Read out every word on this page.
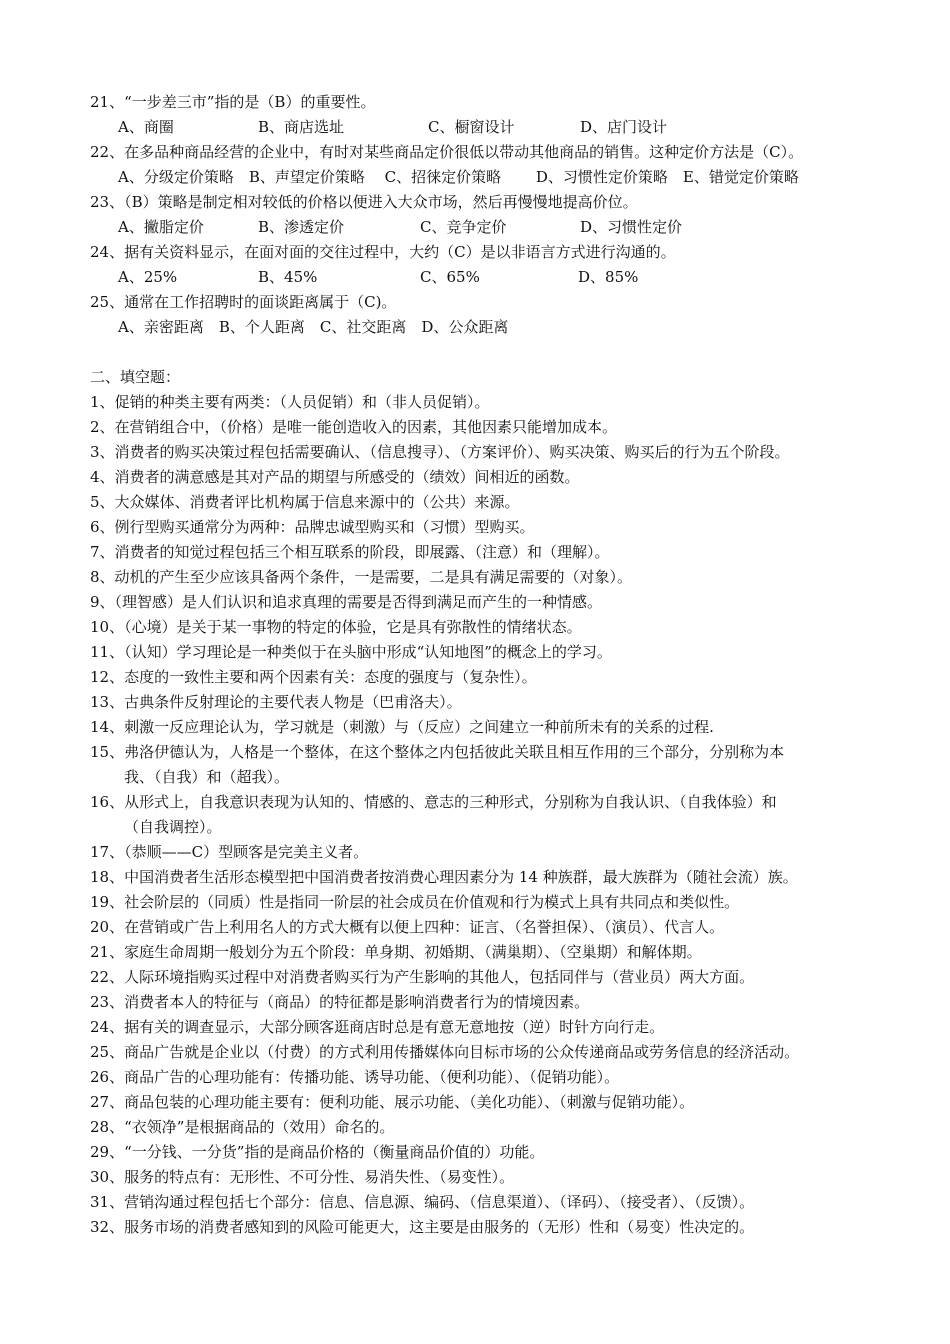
21、“一步差三市”指的是（B）的重要性。
A、商圈	B、商店选址	C、橱窗设计	D、店门设计
22、在多品种商品经营的企业中，有时对某些商品定价很低以带动其他商品的销售。这种定价方法是（C）。
A、分级定价策略　B、声望定价策略　 C、招徕定价策略　　 D、习惯性定价策略　E、错觉定价策略
23、（B）策略是制定相对较低的价格以便进入大众市场，然后再慢慢地提高价位。
A、撇脂定价	B、渗透定价	C、竞争定价	D、习惯性定价
24、据有关资料显示，在面对面的交往过程中，大约（C）是以非语言方式进行沟通的。
A、25%	B、45%	C、65%	D、85%
25、通常在工作招聘时的面谈距离属于（C)。
A、亲密距离　B、个人距离　C、社交距离　D、公众距离
二、填空题：
1、促销的种类主要有两类：（人员促销）和（非人员促销）。
2、在营销组合中，（价格）是唯一能创造收入的因素，其他因素只能增加成本。
3、消费者的购买决策过程包括需要确认、（信息搜寻）、（方案评价）、购买决策、购买后的行为五个阶段。
4、消费者的满意感是其对产品的期望与所感受的（绩效）间相近的函数。
5、大众媒体、消费者评比机构属于信息来源中的（公共）来源。
6、例行型购买通常分为两种：品牌忠诚型购买和（习惯）型购买。
7、消费者的知觉过程包括三个相互联系的阶段，即展露、（注意）和（理解）。
8、动机的产生至少应该具备两个条件，一是需要，二是具有满足需要的（对象）。
9、（理智感）是人们认识和追求真理的需要是否得到满足而产生的一种情感。
10、（心境）是关于某一事物的特定的体验，它是具有弥散性的情绪状态。
11、（认知）学习理论是一种类似于在头脑中形成“认知地图”的概念上的学习。
12、态度的一致性主要和两个因素有关：态度的强度与（复杂性）。
13、古典条件反射理论的主要代表人物是（巴甫洛夫）。
14、刺激一反应理论认为，学习就是（刺激）与（反应）之间建立一种前所未有的关系的过程.
15、弗洛伊德认为，人格是一个整体，在这个整体之内包括彼此关联且相互作用的三个部分，分别称为本
我、（自我）和（超我）。
16、从形式上，自我意识表现为认知的、情感的、意志的三种形式，分别称为自我认识、（自我体验）和
（自我调控）。
17、（恭顺——C）型顾客是完美主义者。
18、中国消费者生活形态模型把中国消费者按消费心理因素分为 14 种族群，最大族群为（随社会流）族。
19、社会阶层的（同质）性是指同一阶层的社会成员在价值观和行为模式上具有共同点和类似性。
20、在营销或广告上利用名人的方式大概有以便上四种：证言、（名誉担保）、（演员）、代言人。
21、家庭生命周期一般划分为五个阶段：单身期、初婚期、（满巢期）、（空巢期）和解体期。
22、人际环境指购买过程中对消费者购买行为产生影响的其他人，包括同伴与（营业员）两大方面。
23、消费者本人的特征与（商品）的特征都是影响消费者行为的情境因素。
24、据有关的调查显示，大部分顾客逛商店时总是有意无意地按（逆）时针方向行走。
25、商品广告就是企业以（付费）的方式利用传播媒体向目标市场的公众传递商品或劳务信息的经济活动。
26、商品广告的心理功能有：传播功能、诱导功能、（便利功能）、（促销功能）。
27、商品包装的心理功能主要有：便利功能、展示功能、（美化功能）、（刺激与促销功能）。
28、“衣领净”是根据商品的（效用）命名的。
29、“一分钱、一分货”指的是商品价格的（衡量商品价值的）功能。
30、服务的特点有：无形性、不可分性、易消失性、（易变性）。
31、营销沟通过程包括七个部分：信息、信息源、编码、（信息渠道）、（译码）、（接受者）、（反馈）。
32、服务市场的消费者感知到的风险可能更大，这主要是由服务的（无形）性和（易变）性决定的。
